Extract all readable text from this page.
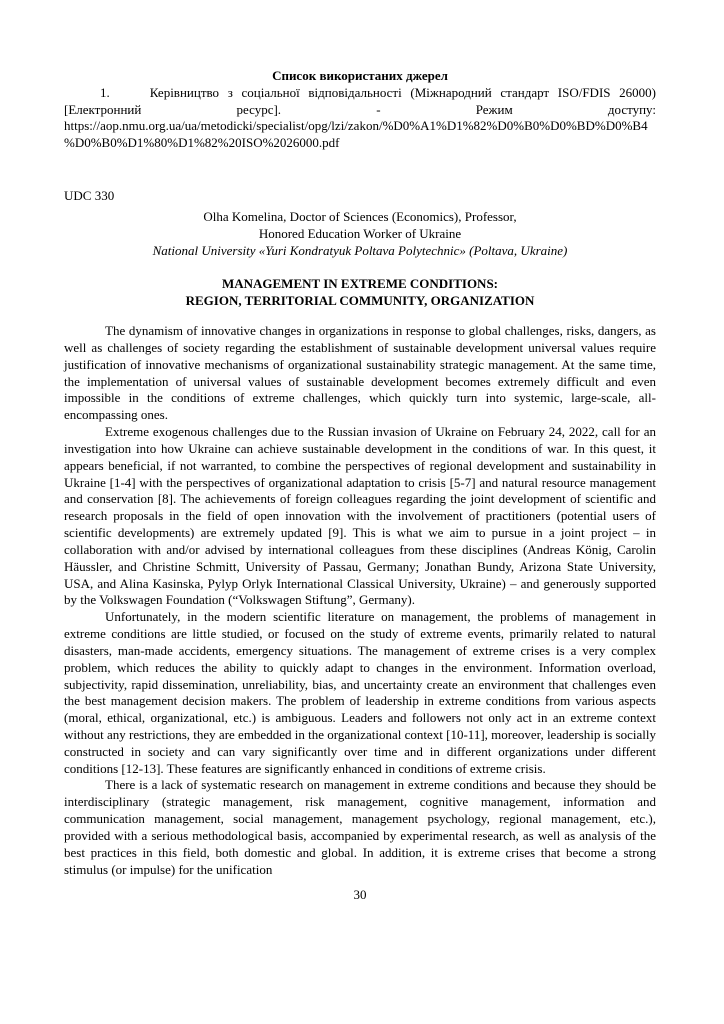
Список використаних джерел

1.	Керівництво з соціальної відповідальності (Міжнародний стандарт ISO/FDIS 26000) [Електронний ресурс]. - Режим доступу: https://aop.nmu.org.ua/ua/metodicki/specialist/opg/lzi/zakon/%D0%A1%D1%82%D0%B0%D0%BD%D0%B4%D0%B0%D1%80%D1%82%20ISO%2026000.pdf

UDC 330

Olha Komelina, Doctor of Sciences (Economics), Professor,

Honored Education Worker of Ukraine

National University «Yuri Kondratyuk Poltava Polytechnic» (Poltava, Ukraine)

MANAGEMENT IN EXTREME CONDITIONS:
REGION, TERRITORIAL COMMUNITY, ORGANIZATION

The dynamism of innovative changes in organizations in response to global challenges, risks, dangers, as well as challenges of society regarding the establishment of sustainable development universal values require justification of innovative mechanisms of organizational sustainability strategic management. At the same time, the implementation of universal values of sustainable development becomes extremely difficult and even impossible in the conditions of extreme challenges, which quickly turn into systemic, large-scale, all-encompassing ones.

Extreme exogenous challenges due to the Russian invasion of Ukraine on February 24, 2022, call for an investigation into how Ukraine can achieve sustainable development in the conditions of war. In this quest, it appears beneficial, if not warranted, to combine the perspectives of regional development and sustainability in Ukraine [1-4] with the perspectives of organizational adaptation to crisis [5-7] and natural resource management and conservation [8]. The achievements of foreign colleagues regarding the joint development of scientific and research proposals in the field of open innovation with the involvement of practitioners (potential users of scientific developments) are extremely updated [9]. This is what we aim to pursue in a joint project – in collaboration with and/or advised by international colleagues from these disciplines (Andreas König, Carolin Häussler, and Christine Schmitt, University of Passau, Germany; Jonathan Bundy, Arizona State University, USA, and Alina Kasinska, Pylyp Orlyk International Classical University, Ukraine) – and generously supported by the Volkswagen Foundation (“Volkswagen Stiftung”, Germany).

Unfortunately, in the modern scientific literature on management, the problems of management in extreme conditions are little studied, or focused on the study of extreme events, primarily related to natural disasters, man-made accidents, emergency situations. The management of extreme crises is a very complex problem, which reduces the ability to quickly adapt to changes in the environment. Information overload, subjectivity, rapid dissemination, unreliability, bias, and uncertainty create an environment that challenges even the best management decision makers. The problem of leadership in extreme conditions from various aspects (moral, ethical, organizational, etc.) is ambiguous. Leaders and followers not only act in an extreme context without any restrictions, they are embedded in the organizational context [10-11], moreover, leadership is socially constructed in society and can vary significantly over time and in different organizations under different conditions [12-13]. These features are significantly enhanced in conditions of extreme crisis.

There is a lack of systematic research on management in extreme conditions and because they should be interdisciplinary (strategic management, risk management, cognitive management, information and communication management, social management, management psychology, regional management, etc.), provided with a serious methodological basis, accompanied by experimental research, as well as analysis of the best practices in this field, both domestic and global. In addition, it is extreme crises that become a strong stimulus (or impulse) for the unification

30
